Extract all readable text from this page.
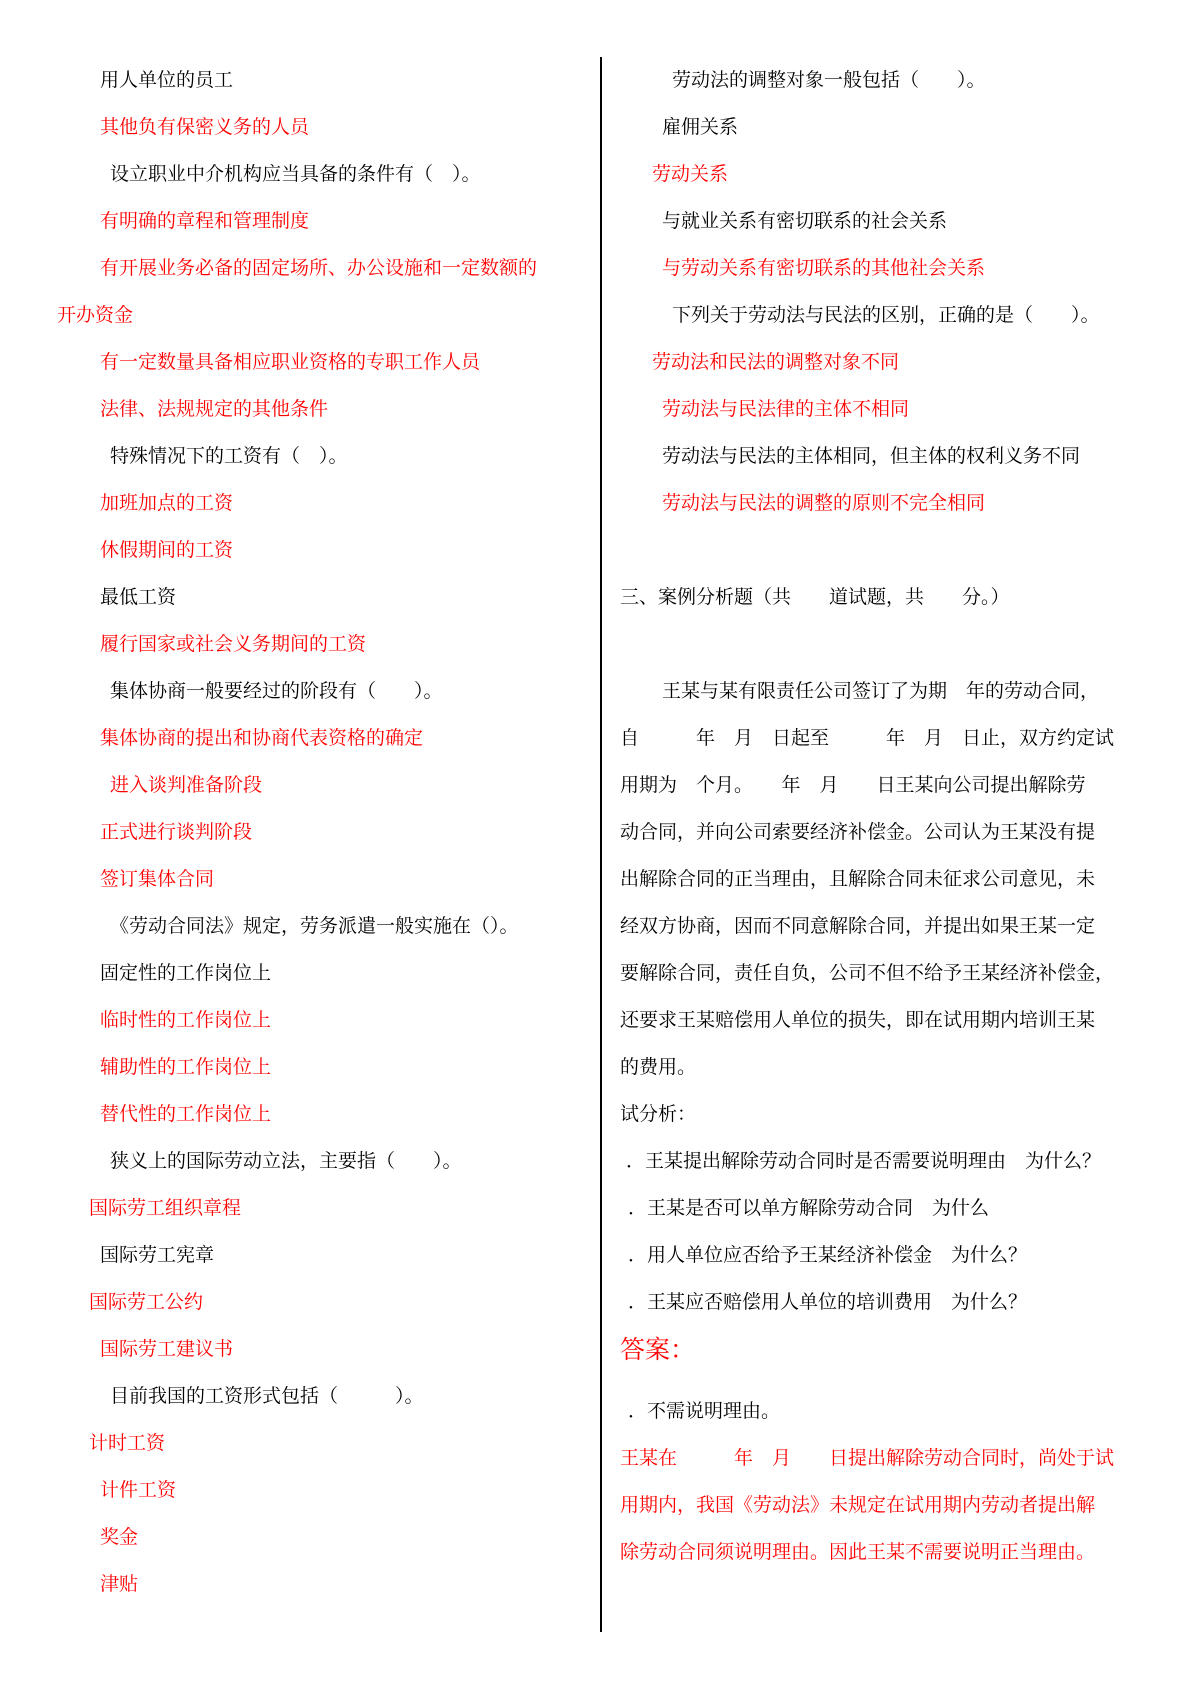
用人单位的员工
其他负有保密义务的人员
设立职业中介机构应当具备的条件有（　）。
有明确的章程和管理制度
有开展业务必备的固定场所、办公设施和一定数额的
开办资金
有一定数量具备相应职业资格的专职工作人员
法律、法规规定的其他条件
特殊情况下的工资有（　）。
加班加点的工资
休假期间的工资
最低工资
履行国家或社会义务期间的工资
集体协商一般要经过的阶段有（　　）。
集体协商的提出和协商代表资格的确定
进入谈判准备阶段
正式进行谈判阶段
签订集体合同
《劳动合同法》规定，劳务派遣一般实施在（）。
固定性的工作岗位上
临时性的工作岗位上
辅助性的工作岗位上
替代性的工作岗位上
狭义上的国际劳动立法，主要指（　　）。
国际劳工组织章程
国际劳工宪章
国际劳工公约
国际劳工建议书
目前我国的工资形式包括（　　　）。
计时工资
计件工资
奖金
津贴
劳动法的调整对象一般包括（　　）。
雇佣关系
劳动关系
与就业关系有密切联系的社会关系
与劳动关系有密切联系的其他社会关系
下列关于劳动法与民法的区别，正确的是（　　）。
劳动法和民法的调整对象不同
劳动法与民法律的主体不相同
劳动法与民法的主体相同，但主体的权利义务不同
劳动法与民法的调整的原则不完全相同
三、案例分析题（共　　道试题，共　　分。）
王某与某有限责任公司签订了为期　年的劳动合同，
自　　　年　月　日起至　　　年　月　日止，双方约定试
用期为　个月。　　年　月　　日王某向公司提出解除劳
动合同，并向公司索要经济补偿金。公司认为王某没有提
出解除合同的正当理由，且解除合同未征求公司意见，未
经双方协商，因而不同意解除合同，并提出如果王某一定
要解除合同，责任自负，公司不但不给予王某经济补偿金，
还要求王某赔偿用人单位的损失，即在试用期内培训王某
的费用。
试分析：
．王某提出解除劳动合同时是否需要说明理由　为什么？
．王某是否可以单方解除劳动合同　为什么
．用人单位应否给予王某经济补偿金　为什么？
．王某应否赔偿用人单位的培训费用　为什么？
答案：
．不需说明理由。
王某在　　　年　月　　日提出解除劳动合同时，尚处于试
用期内，我国《劳动法》未规定在试用期内劳动者提出解
除劳动合同须说明理由。因此王某不需要说明正当理由。
